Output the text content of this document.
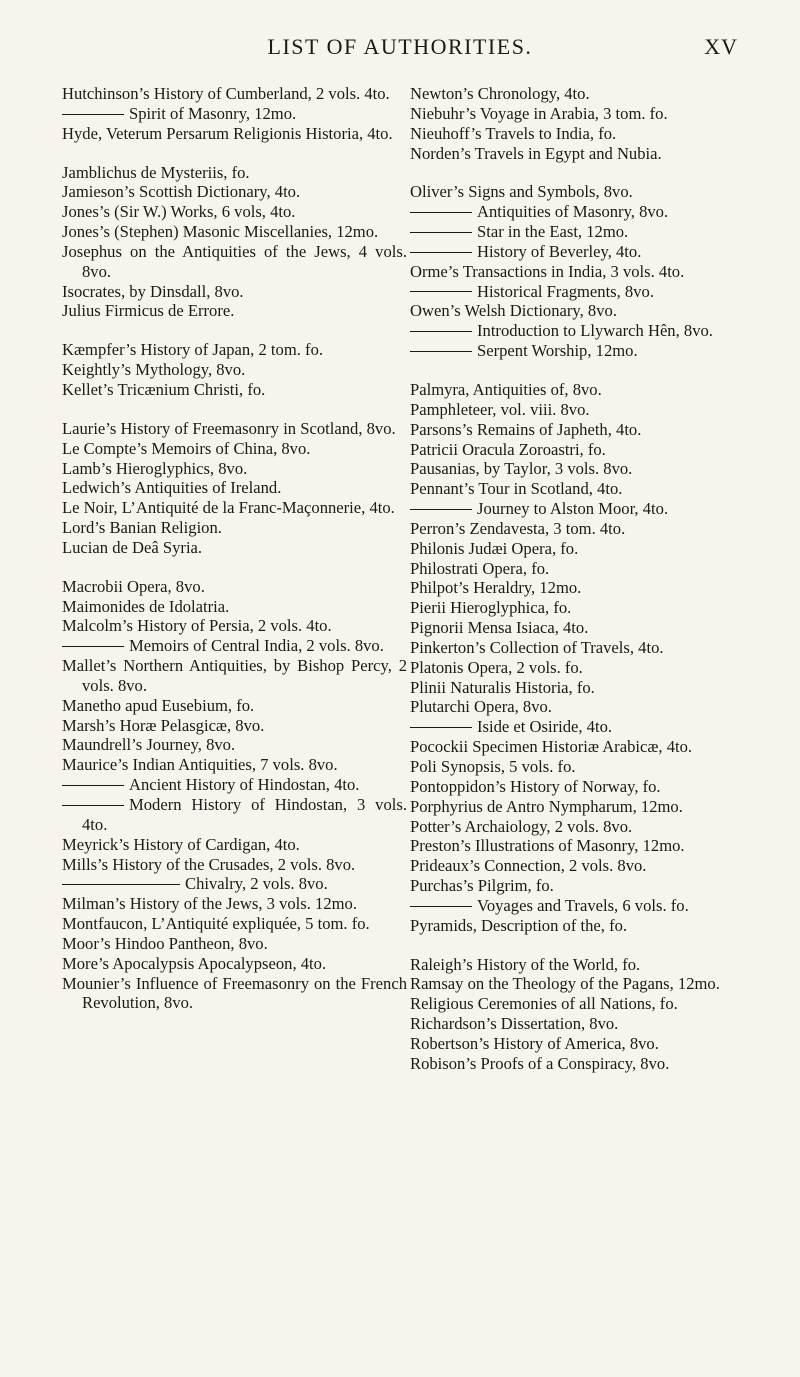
LIST OF AUTHORITIES.	XV

Hutchinson’s History of Cumberland, 2 vols. 4to.

Spirit of Masonry, 12mo.

Hyde, Veterum Persarum Religionis Historia, 4to.

Jamblichus de Mysteriis, fo.

Jamieson’s Scottish Dictionary, 4to.

Jones’s (Sir W.) Works, 6 vols, 4to.

Jones’s (Stephen) Masonic Miscellanies, 12mo.

Josephus on the Antiquities of the Jews, 4 vols. 8vo.

Isocrates, by Dinsdall, 8vo.

Julius Firmicus de Errore.

Kæmpfer’s History of Japan, 2 tom. fo.

Keightly’s Mythology, 8vo.

Kellet’s Tricænium Christi, fo.

Laurie’s History of Freemasonry in Scotland, 8vo.

Le Compte’s Memoirs of China, 8vo.

Lamb’s Hieroglyphics, 8vo.

Ledwich’s Antiquities of Ireland.

Le Noir, L’Antiquité de la Franc-Maçonnerie, 4to.

Lord’s Banian Religion.

Lucian de Deâ Syria.

Macrobii Opera, 8vo.

Maimonides de Idolatria.

Malcolm’s History of Persia, 2 vols. 4to.

Memoirs of Central India, 2 vols. 8vo.

Mallet’s Northern Antiquities, by Bishop Percy, 2 vols. 8vo.

Manetho apud Eusebium, fo.

Marsh’s Horæ Pelasgicæ, 8vo.

Maundrell’s Journey, 8vo.

Maurice’s Indian Antiquities, 7 vols. 8vo.

Ancient History of Hindostan, 4to.

Modern History of Hindostan, 3 vols. 4to.

Meyrick’s History of Cardigan, 4to.

Mills’s History of the Crusades, 2 vols. 8vo.

Chivalry, 2 vols. 8vo.

Milman’s History of the Jews, 3 vols. 12mo.

Montfaucon, L’Antiquité expliquée, 5 tom. fo.

Moor’s Hindoo Pantheon, 8vo.

More’s Apocalypsis Apocalypseon, 4to.

Mounier’s Influence of Freemasonry on the French Revolution, 8vo.

Newton’s Chronology, 4to.

Niebuhr’s Voyage in Arabia, 3 tom. fo.

Nieuhoff’s Travels to India, fo.

Norden’s Travels in Egypt and Nubia.

Oliver’s Signs and Symbols, 8vo.

Antiquities of Masonry, 8vo.

Star in the East, 12mo.

History of Beverley, 4to.

Orme’s Transactions in India, 3 vols. 4to.

Historical Fragments, 8vo.

Owen’s Welsh Dictionary, 8vo.

Introduction to Llywarch Hên, 8vo.

Serpent Worship, 12mo.

Palmyra, Antiquities of, 8vo.

Pamphleteer, vol. viii. 8vo.

Parsons’s Remains of Japheth, 4to.

Patricii Oracula Zoroastri, fo.

Pausanias, by Taylor, 3 vols. 8vo.

Pennant’s Tour in Scotland, 4to.

Journey to Alston Moor, 4to.

Perron’s Zendavesta, 3 tom. 4to.

Philonis Judæi Opera, fo.

Philostrati Opera, fo.

Philpot’s Heraldry, 12mo.

Pierii Hieroglyphica, fo.

Pignorii Mensa Isiaca, 4to.

Pinkerton’s Collection of Travels, 4to.

Platonis Opera, 2 vols. fo.

Plinii Naturalis Historia, fo.

Plutarchi Opera, 8vo.

Iside et Osiride, 4to.

Pocockii Specimen Historiæ Arabicæ, 4to.

Poli Synopsis, 5 vols. fo.

Pontoppidon’s History of Norway, fo.

Porphyrius de Antro Nympharum, 12mo.

Potter’s Archaiology, 2 vols. 8vo.

Preston’s Illustrations of Masonry, 12mo.

Prideaux’s Connection, 2 vols. 8vo.

Purchas’s Pilgrim, fo.

Voyages and Travels, 6 vols. fo.

Pyramids, Description of the, fo.

Raleigh’s History of the World, fo.

Ramsay on the Theology of the Pagans, 12mo.

Religious Ceremonies of all Nations, fo.

Richardson’s Dissertation, 8vo.

Robertson’s History of America, 8vo.

Robison’s Proofs of a Conspiracy, 8vo.
